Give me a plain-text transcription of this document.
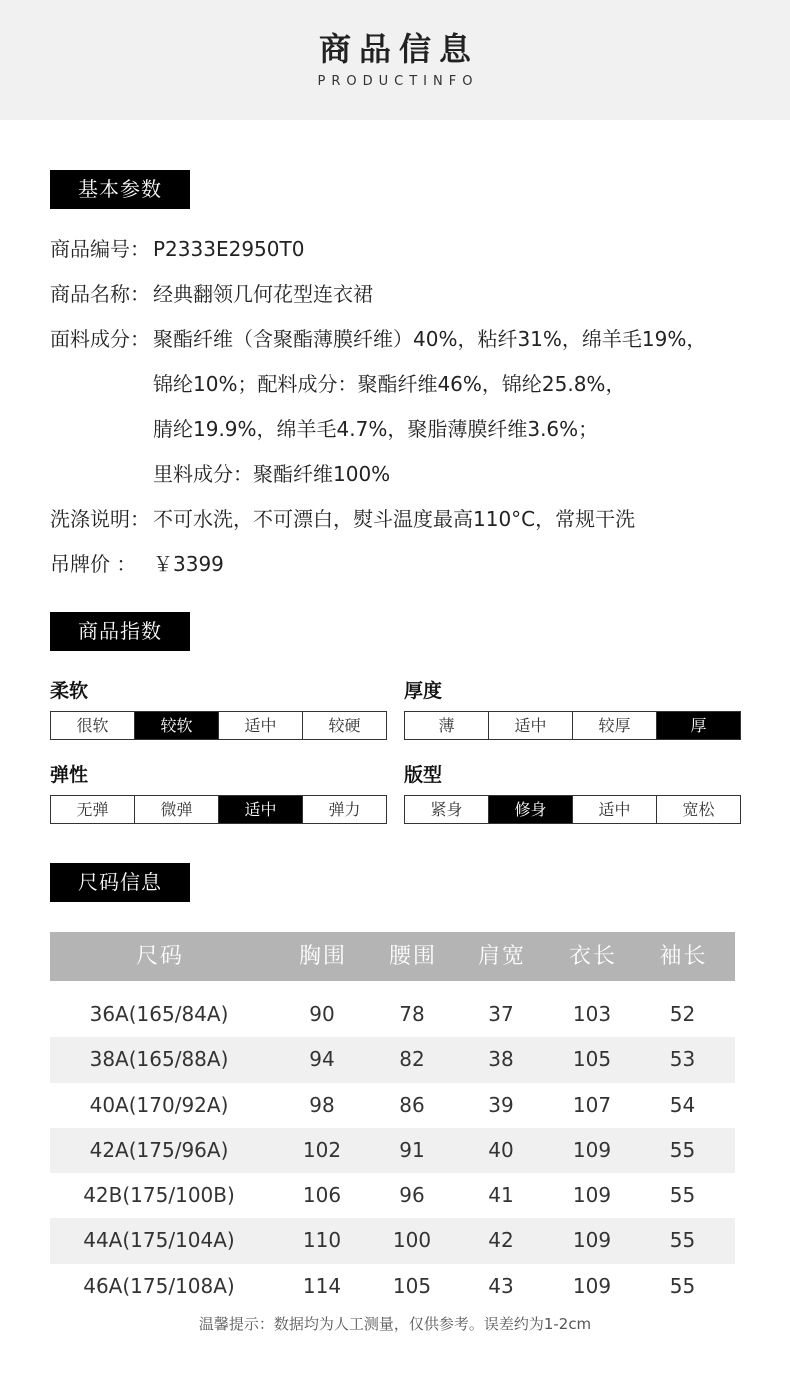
商品信息
PRODUCTINFO
基本参数
商品编号： P2333E2950T0
商品名称： 经典翻领几何花型连衣裙
面料成分： 聚酯纤维（含聚酯薄膜纤维）40%，粘纤31%，绵羊毛19%，
锦纶10%；配料成分：聚酯纤维46%，锦纶25.8%，
腈纶19.9%，绵羊毛4.7%，聚脂薄膜纤维3.6%；
里料成分：聚酯纤维100%
洗涤说明： 不可水洗，不可漂白，熨斗温度最高110°C，常规干洗
吊牌价 ： ￥3399
商品指数
柔软
很软	较软	适中	较硬
厚度
薄	适中	较厚	厚
弹性
无弹	微弹	适中	弹力
版型
紧身	修身	适中	宽松
尺码信息
尺码	胸围	腰围	肩宽	衣长	袖长
36A(165/84A)	90	78	37	103	52
38A(165/88A)	94	82	38	105	53
40A(170/92A)	98	86	39	107	54
42A(175/96A)	102	91	40	109	55
42B(175/100B)	106	96	41	109	55
44A(175/104A)	110	100	42	109	55
46A(175/108A)	114	105	43	109	55
温馨提示：数据均为人工测量，仅供参考。误差约为1-2cm
